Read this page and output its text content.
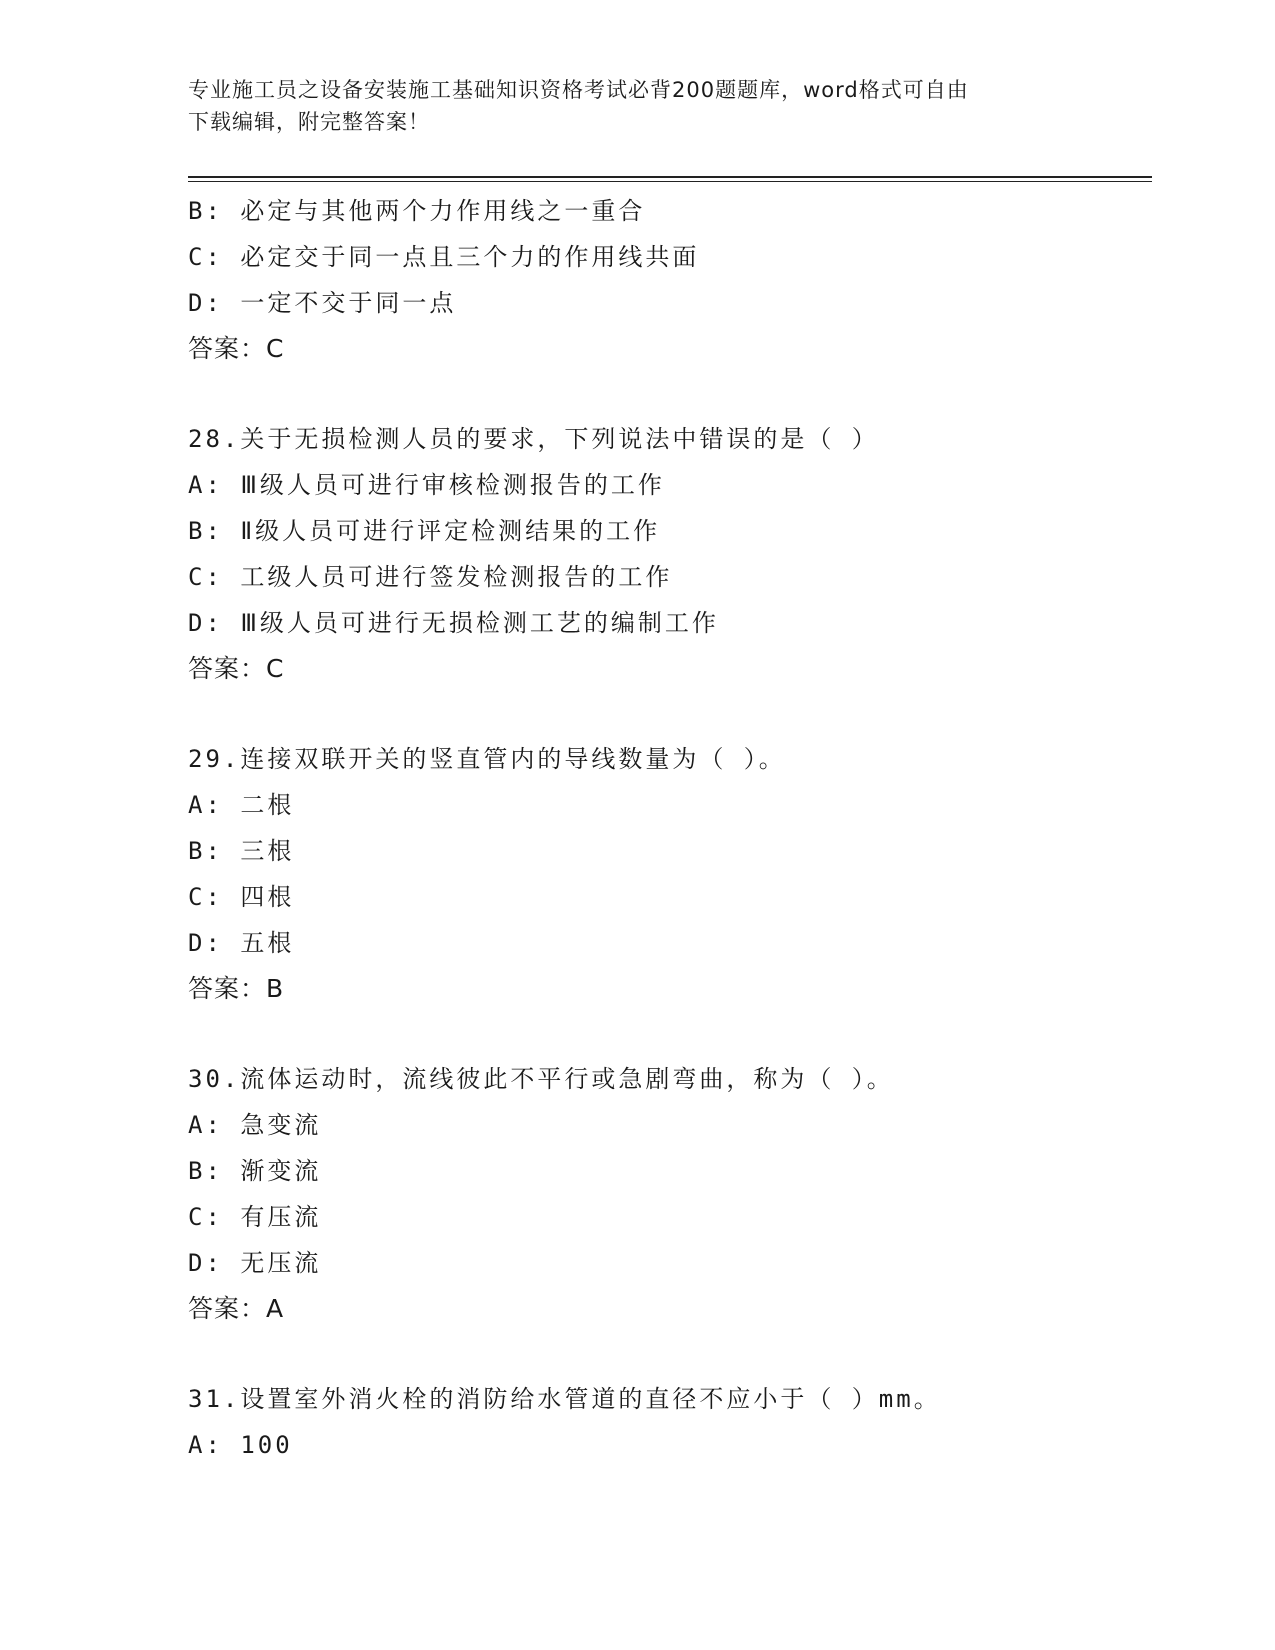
专业施工员之设备安装施工基础知识资格考试必背200题题库，word格式可自由
下载编辑，附完整答案！
B: 必定与其他两个力作用线之一重合
C: 必定交于同一点且三个力的作用线共面
D: 一定不交于同一点
答案：C
28.关于无损检测人员的要求，下列说法中错误的是（ ）
A: Ⅲ级人员可进行审核检测报告的工作
B: Ⅱ级人员可进行评定检测结果的工作
C: 工级人员可进行签发检测报告的工作
D: Ⅲ级人员可进行无损检测工艺的编制工作
答案：C
29.连接双联开关的竖直管内的导线数量为（ ）。
A: 二根
B: 三根
C: 四根
D: 五根
答案：B
30.流体运动时，流线彼此不平行或急剧弯曲，称为（ ）。
A: 急变流
B: 渐变流
C: 有压流
D: 无压流
答案：A
31.设置室外消火栓的消防给水管道的直径不应小于（ ）mm。
A: 100
